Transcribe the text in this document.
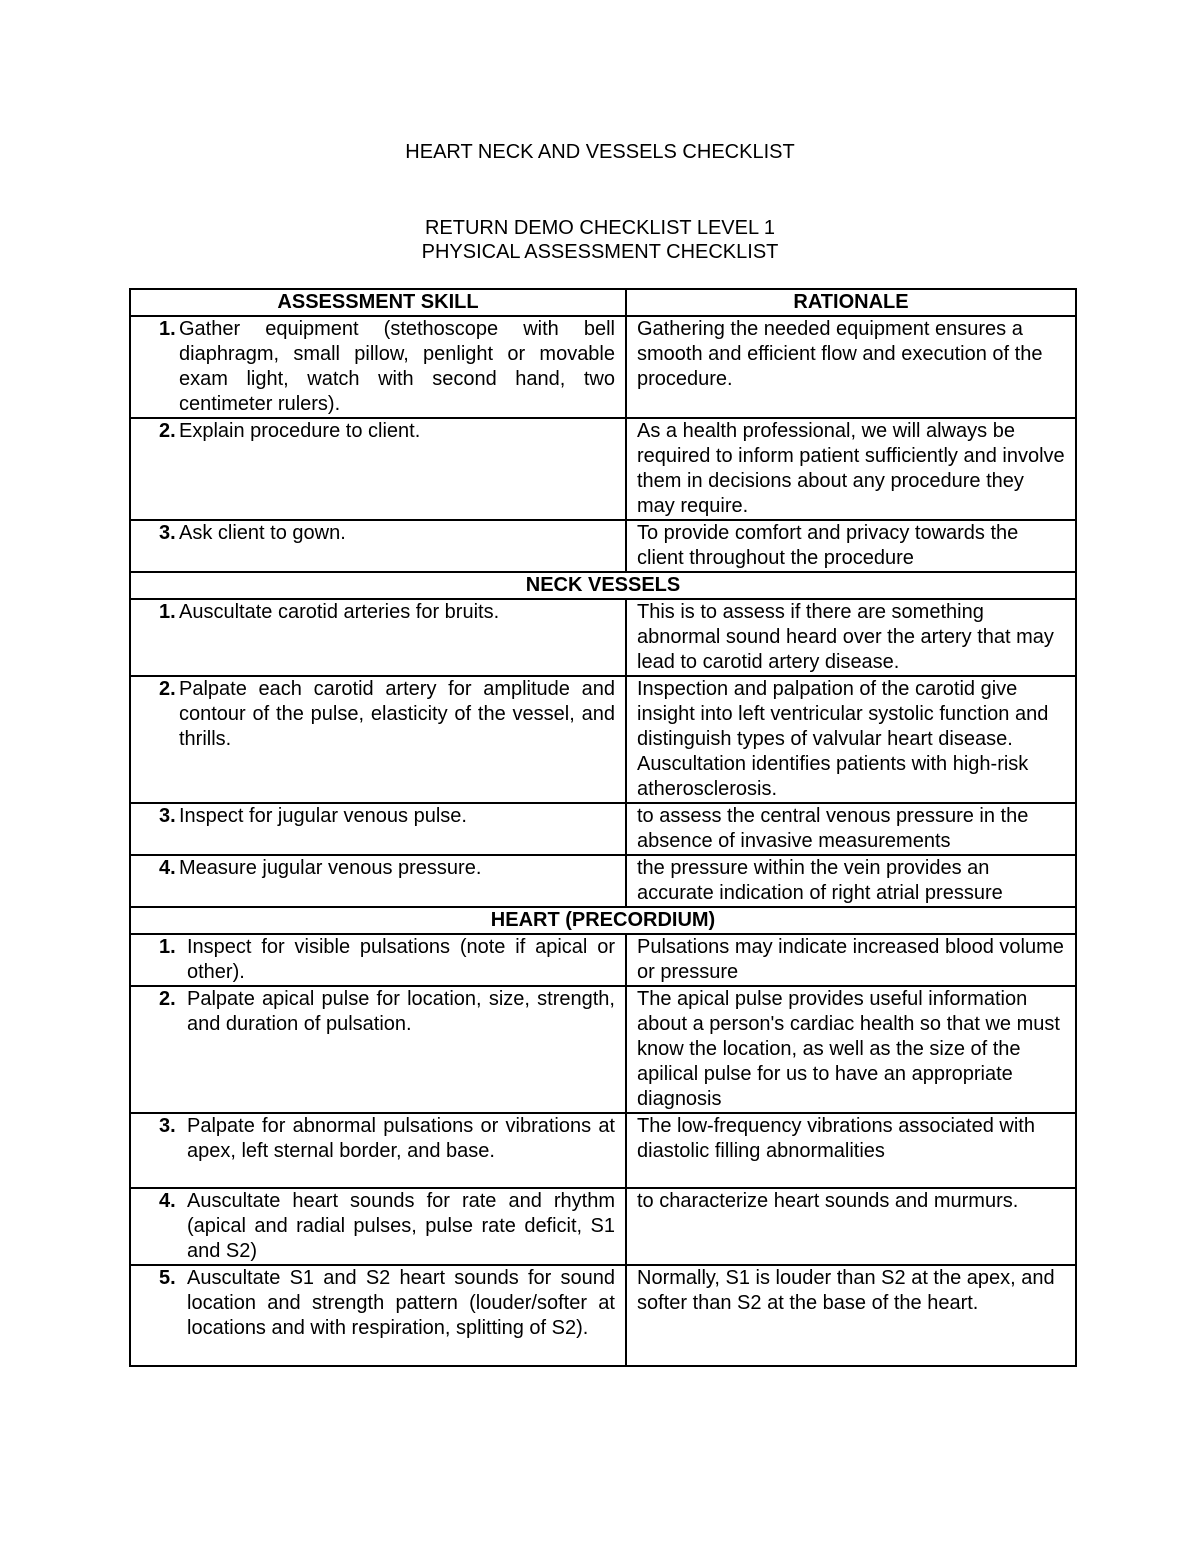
HEART NECK AND VESSELS CHECKLIST
RETURN DEMO CHECKLIST LEVEL 1
PHYSICAL ASSESSMENT CHECKLIST
ASSESSMENT SKILL	RATIONALE

1. Gather equipment (stethoscope with bell diaphragm, small pillow, penlight or movable exam light, watch with second hand, two centimeter rulers).	Gathering the needed equipment ensures a smooth and efficient flow and execution of the procedure.

2. Explain procedure to client.	As a health professional, we will always be required to inform patient sufficiently and involve them in decisions about any procedure they may require.

3. Ask client to gown.	To provide comfort and privacy towards the client throughout the procedure
NECK VESSELS	

1. Auscultate carotid arteries for bruits.	This is to assess if there are something abnormal sound heard over the artery that may lead to carotid artery disease.

2. Palpate each carotid artery for amplitude and contour of the pulse, elasticity of the vessel, and thrills.	Inspection and palpation of the carotid give insight into left ventricular systolic function and distinguish types of valvular heart disease. Auscultation identifies patients with high-risk atherosclerosis.

3. Inspect for jugular venous pulse.	to assess the central venous pressure in the absence of invasive measurements

4. Measure jugular venous pressure.	the pressure within the vein provides an accurate indication of right atrial pressure
HEART (PRECORDIUM)	

1. Inspect for visible pulsations (note if apical or other).	Pulsations may indicate increased blood volume or pressure

2. Palpate apical pulse for location, size, strength, and duration of pulsation.	The apical pulse provides useful information about a person's cardiac health so that we must know the location, as well as the size of the apilical pulse for us to have an appropriate diagnosis

3. Palpate for abnormal pulsations or vibrations at apex, left sternal border, and base.	The low-frequency vibrations associated with diastolic filling abnormalities

4. Auscultate heart sounds for rate and rhythm (apical and radial pulses, pulse rate deficit, S1 and S2)	to characterize heart sounds and murmurs.

5. Auscultate S1 and S2 heart sounds for sound location and strength pattern (louder/softer at locations and with respiration, splitting of S2).	Normally, S1 is louder than S2 at the apex, and softer than S2 at the base of the heart.
